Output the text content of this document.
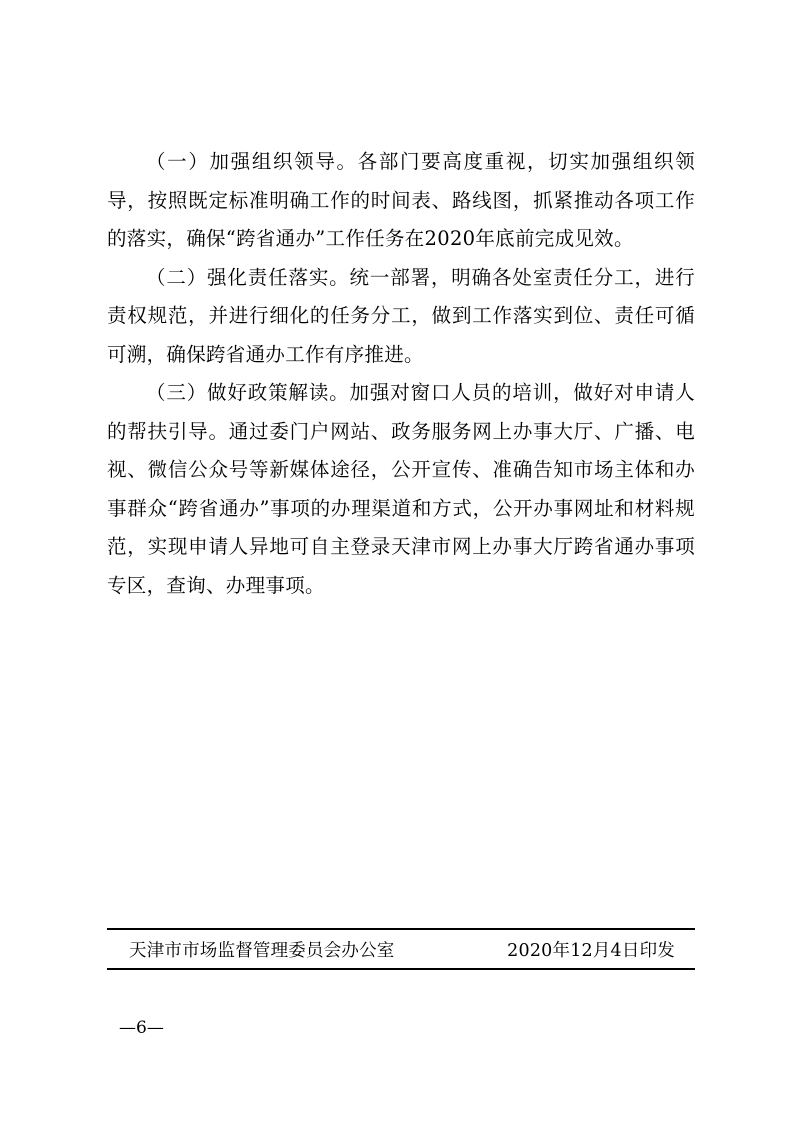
（一）加强组织领导。各部门要高度重视，切实加强组织领导，按照既定标准明确工作的时间表、路线图，抓紧推动各项工作的落实，确保“跨省通办”工作任务在2020年底前完成见效。

（二）强化责任落实。统一部署，明确各处室责任分工，进行责权规范，并进行细化的任务分工，做到工作落实到位、责任可循可溯，确保跨省通办工作有序推进。

（三）做好政策解读。加强对窗口人员的培训，做好对申请人的帮扶引导。通过委门户网站、政务服务网上办事大厅、广播、电视、微信公众号等新媒体途径，公开宣传、准确告知市场主体和办事群众“跨省通办”事项的办理渠道和方式，公开办事网址和材料规范，实现申请人异地可自主登录天津市网上办事大厅跨省通办事项专区，查询、办理事项。

天津市市场监督管理委员会办公室	2020年12月4日印发
—6—
